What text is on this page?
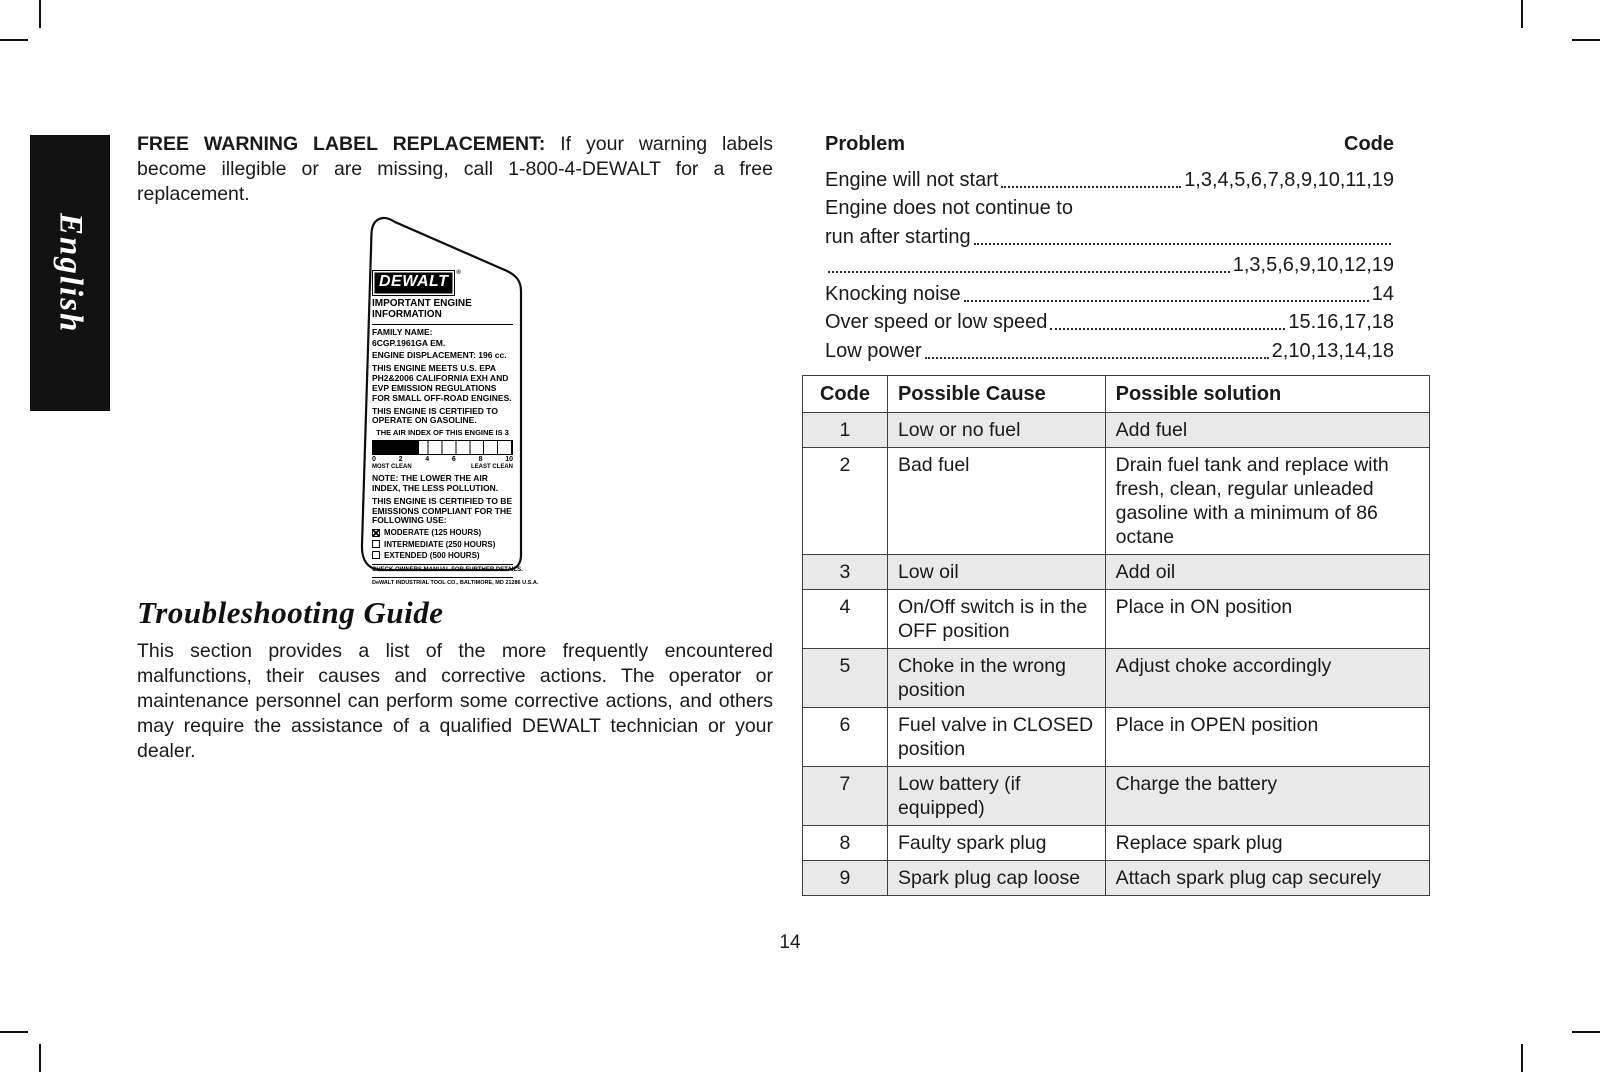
English

FREE WARNING LABEL REPLACEMENT: If your warning labels become illegible or are missing, call 1-800-4-DEWALT for a free replacement.

DEWALT	®
IMPORTANT ENGINE INFORMATION
FAMILY NAME:
6CGP.1961GA EM.
ENGINE DISPLACEMENT: 196 cc.
THIS ENGINE MEETS U.S. EPA PH2&2006 CALIFORNIA EXH AND EVP EMISSION REGULATIONS FOR SMALL OFF-ROAD ENGINES.
THIS ENGINE IS CERTIFIED TO OPERATE ON GASOLINE.
THE AIR INDEX OF THIS ENGINE IS 3
0	2	4	6	8	10
MOST CLEAN	LEAST CLEAN
NOTE: THE LOWER THE AIR INDEX, THE LESS POLLUTION.
THIS ENGINE IS CERTIFIED TO BE EMISSIONS COMPLIANT FOR THE FOLLOWING USE:
MODERATE (125 HOURS)
INTERMEDIATE (250 HOURS)
EXTENDED (500 HOURS)
CHECK OWNERS MANUAL FOR FURTHER DETAILS.
DeWALT INDUSTRIAL TOOL CO., BALTIMORE, MD 21286 U.S.A.
Troubleshooting Guide

This section provides a list of the more frequently encountered malfunctions, their causes and corrective actions. The operator or maintenance personnel can perform some corrective actions, and others may require the assistance of a qualified DEWALT technician or your dealer.

Problem	Code
Engine will not start	1,3,4,5,6,7,8,9,10,11,19
Engine does not continue to
run after starting
1,3,5,6,9,10,12,19
Knocking noise	14
Over speed or low speed	15.16,17,18
Low power	2,10,13,14,18
Code	Possible Cause	Possible solution
1	Low or no fuel	Add fuel
2	Bad fuel	Drain fuel tank and replace with fresh, clean, regular unleaded gasoline with a minimum of 86 octane
3	Low oil	Add oil
4	On/Off switch is in the OFF position	Place in ON position
5	Choke in the wrong position	Adjust choke accordingly
6	Fuel valve in CLOSED position	Place in OPEN position
7	Low battery (if equipped)	Charge the battery
8	Faulty spark plug	Replace spark plug
9	Spark plug cap loose	Attach spark plug cap securely
14
